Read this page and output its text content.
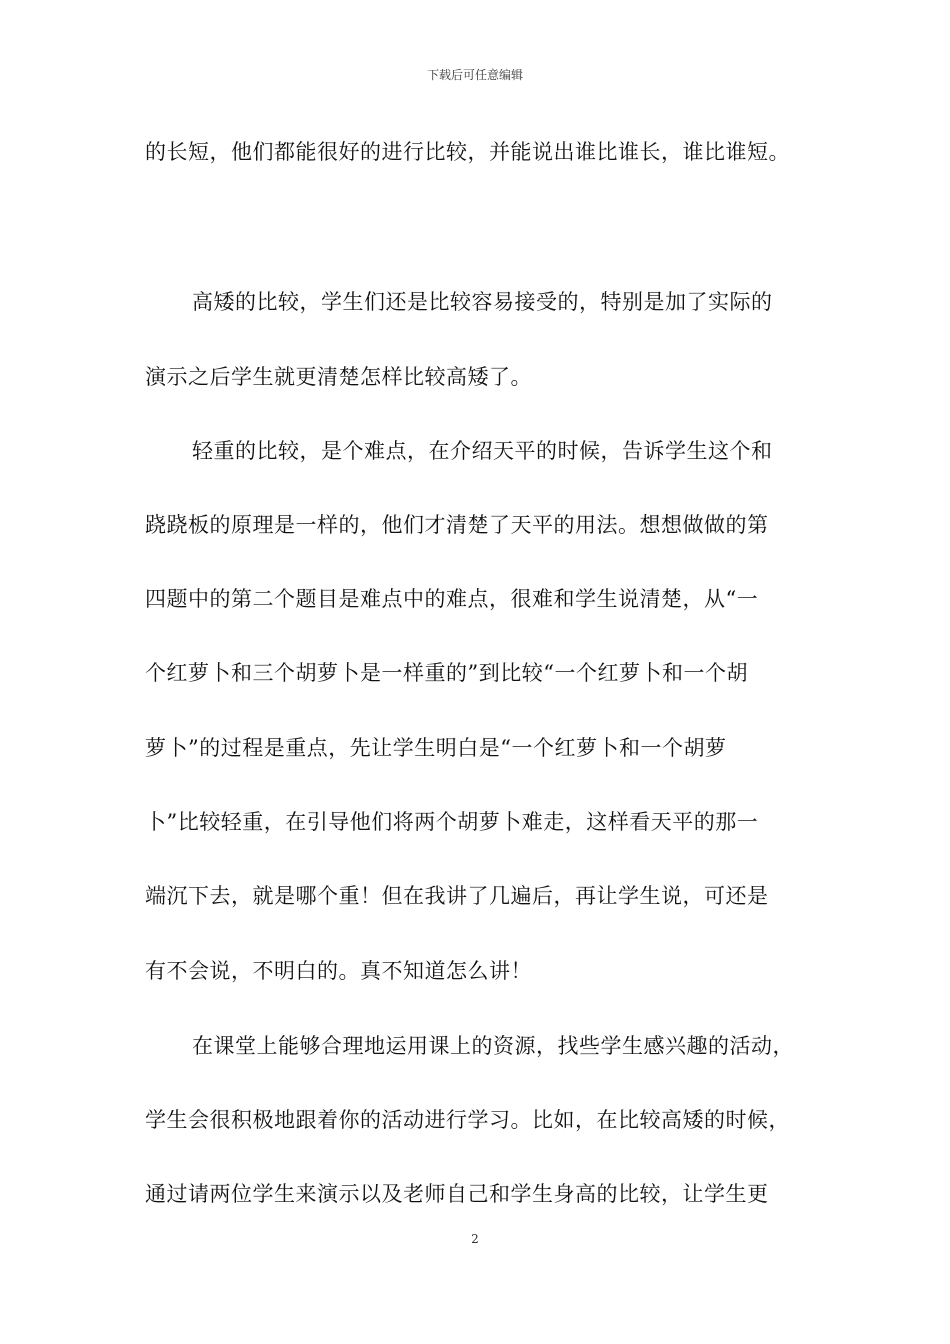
下载后可任意编辑
的长短，他们都能很好的进行比较，并能说出谁比谁长，谁比谁短。
高矮的比较，学生们还是比较容易接受的，特别是加了实际的
演示之后学生就更清楚怎样比较高矮了。
轻重的比较，是个难点，在介绍天平的时候，告诉学生这个和
跷跷板的原理是一样的，他们才清楚了天平的用法。想想做做的第
四题中的第二个题目是难点中的难点，很难和学生说清楚，从“一
个红萝卜和三个胡萝卜是一样重的”到比较“一个红萝卜和一个胡
萝卜”的过程是重点，先让学生明白是“一个红萝卜和一个胡萝
卜”比较轻重，在引导他们将两个胡萝卜难走，这样看天平的那一
端沉下去，就是哪个重！但在我讲了几遍后，再让学生说，可还是
有不会说，不明白的。真不知道怎么讲！
在课堂上能够合理地运用课上的资源，找些学生感兴趣的活动，
学生会很积极地跟着你的活动进行学习。比如，在比较高矮的时候，
通过请两位学生来演示以及老师自己和学生身高的比较，让学生更
2
